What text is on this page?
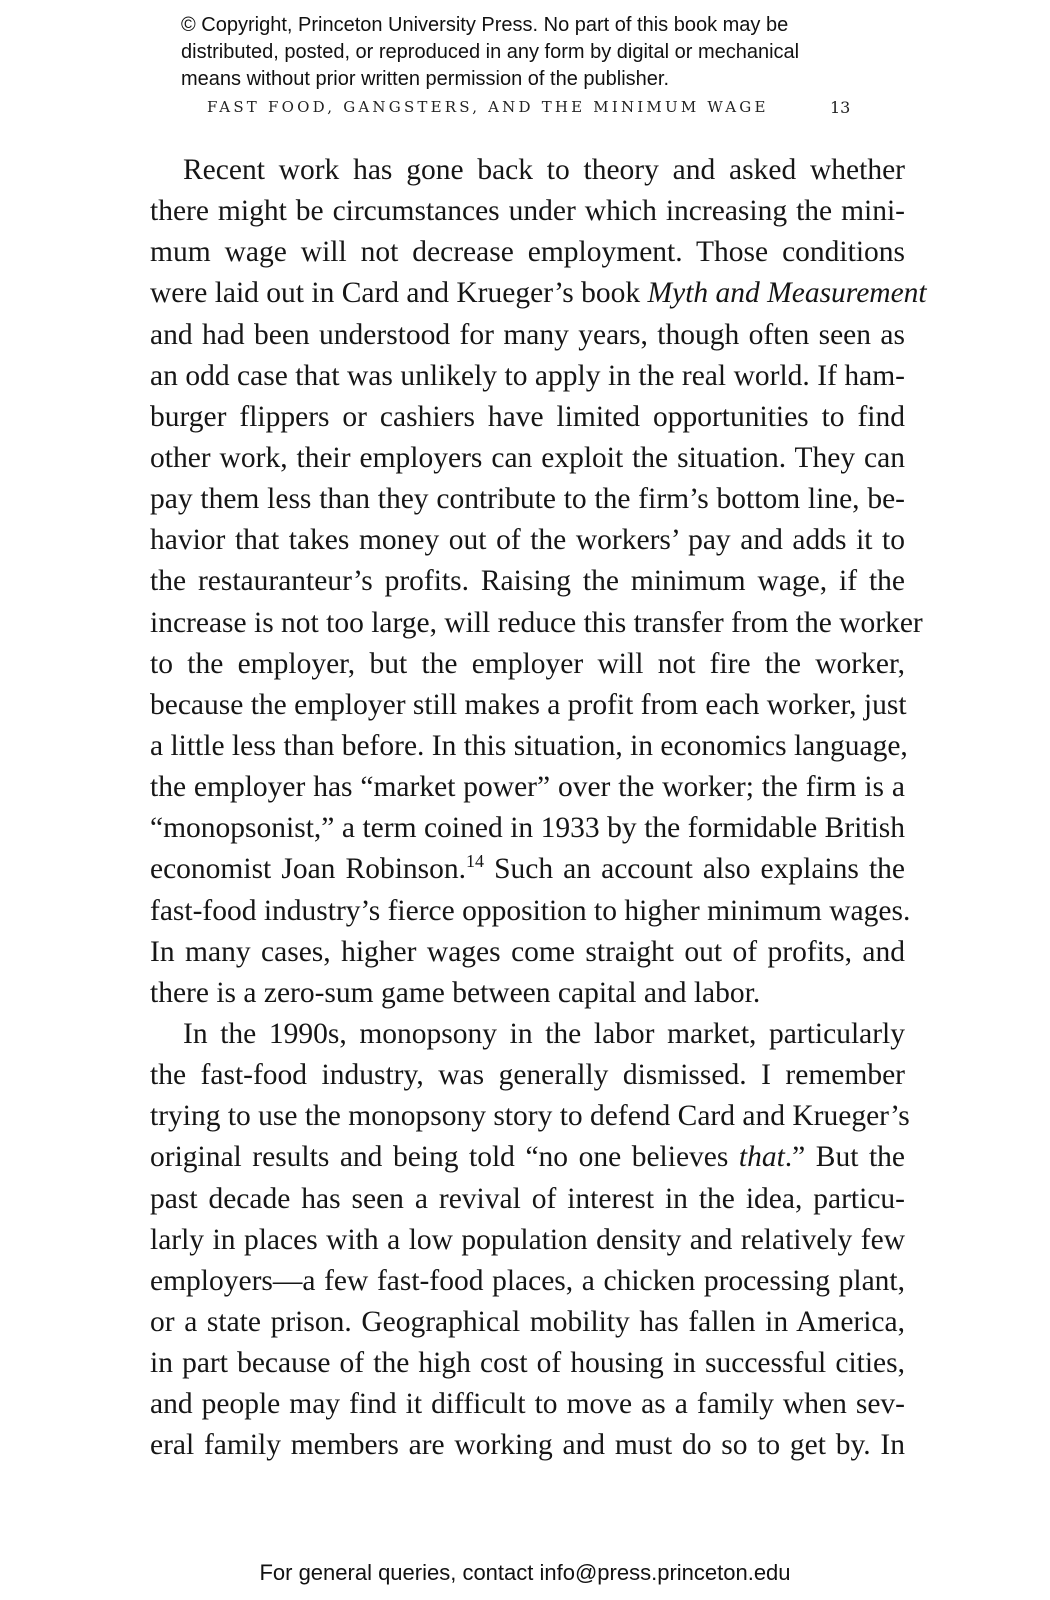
© Copyright, Princeton University Press. No part of this book may be
distributed, posted, or reproduced in any form by digital or mechanical
means without prior written permission of the publisher.
FAST FOOD, GANGSTERS, AND THE MINIMUM WAGE	13
Recent work has gone back to theory and asked whether
there might be circumstances under which increasing the mini-
mum wage will not decrease employment. Those conditions
were laid out in Card and Krueger’s book Myth and Measurement
and had been understood for many years, though often seen as
an odd case that was unlikely to apply in the real world. If ham-
burger flippers or cashiers have limited opportunities to find
other work, their employers can exploit the situation. They can
pay them less than they contribute to the firm’s bottom line, be-
havior that takes money out of the workers’ pay and adds it to
the restauranteur’s profits. Raising the minimum wage, if the
increase is not too large, will reduce this transfer from the worker
to the employer, but the employer will not fire the worker,
because the employer still makes a profit from each worker, just
a little less than before. In this situation, in economics language,
the employer has “market power” over the worker; the firm is a
“monopsonist,” a term coined in 1933 by the formidable British
economist Joan Robinson.$^{14}$ Such an account also explains the
fast-food industry’s fierce opposition to higher minimum wages.
In many cases, higher wages come straight out of profits, and
there is a zero-sum game between capital and labor.
In the 1990s, monopsony in the labor market, particularly
the fast-food industry, was generally dismissed. I remember
trying to use the monopsony story to defend Card and Krueger’s
original results and being told “no one believes that.” But the
past decade has seen a revival of interest in the idea, particu-
larly in places with a low population density and relatively few
employers—a few fast-food places, a chicken processing plant,
or a state prison. Geographical mobility has fallen in America,
in part because of the high cost of housing in successful cities,
and people may find it difficult to move as a family when sev-
eral family members are working and must do so to get by. In
For general queries, contact info@press.princeton.edu
